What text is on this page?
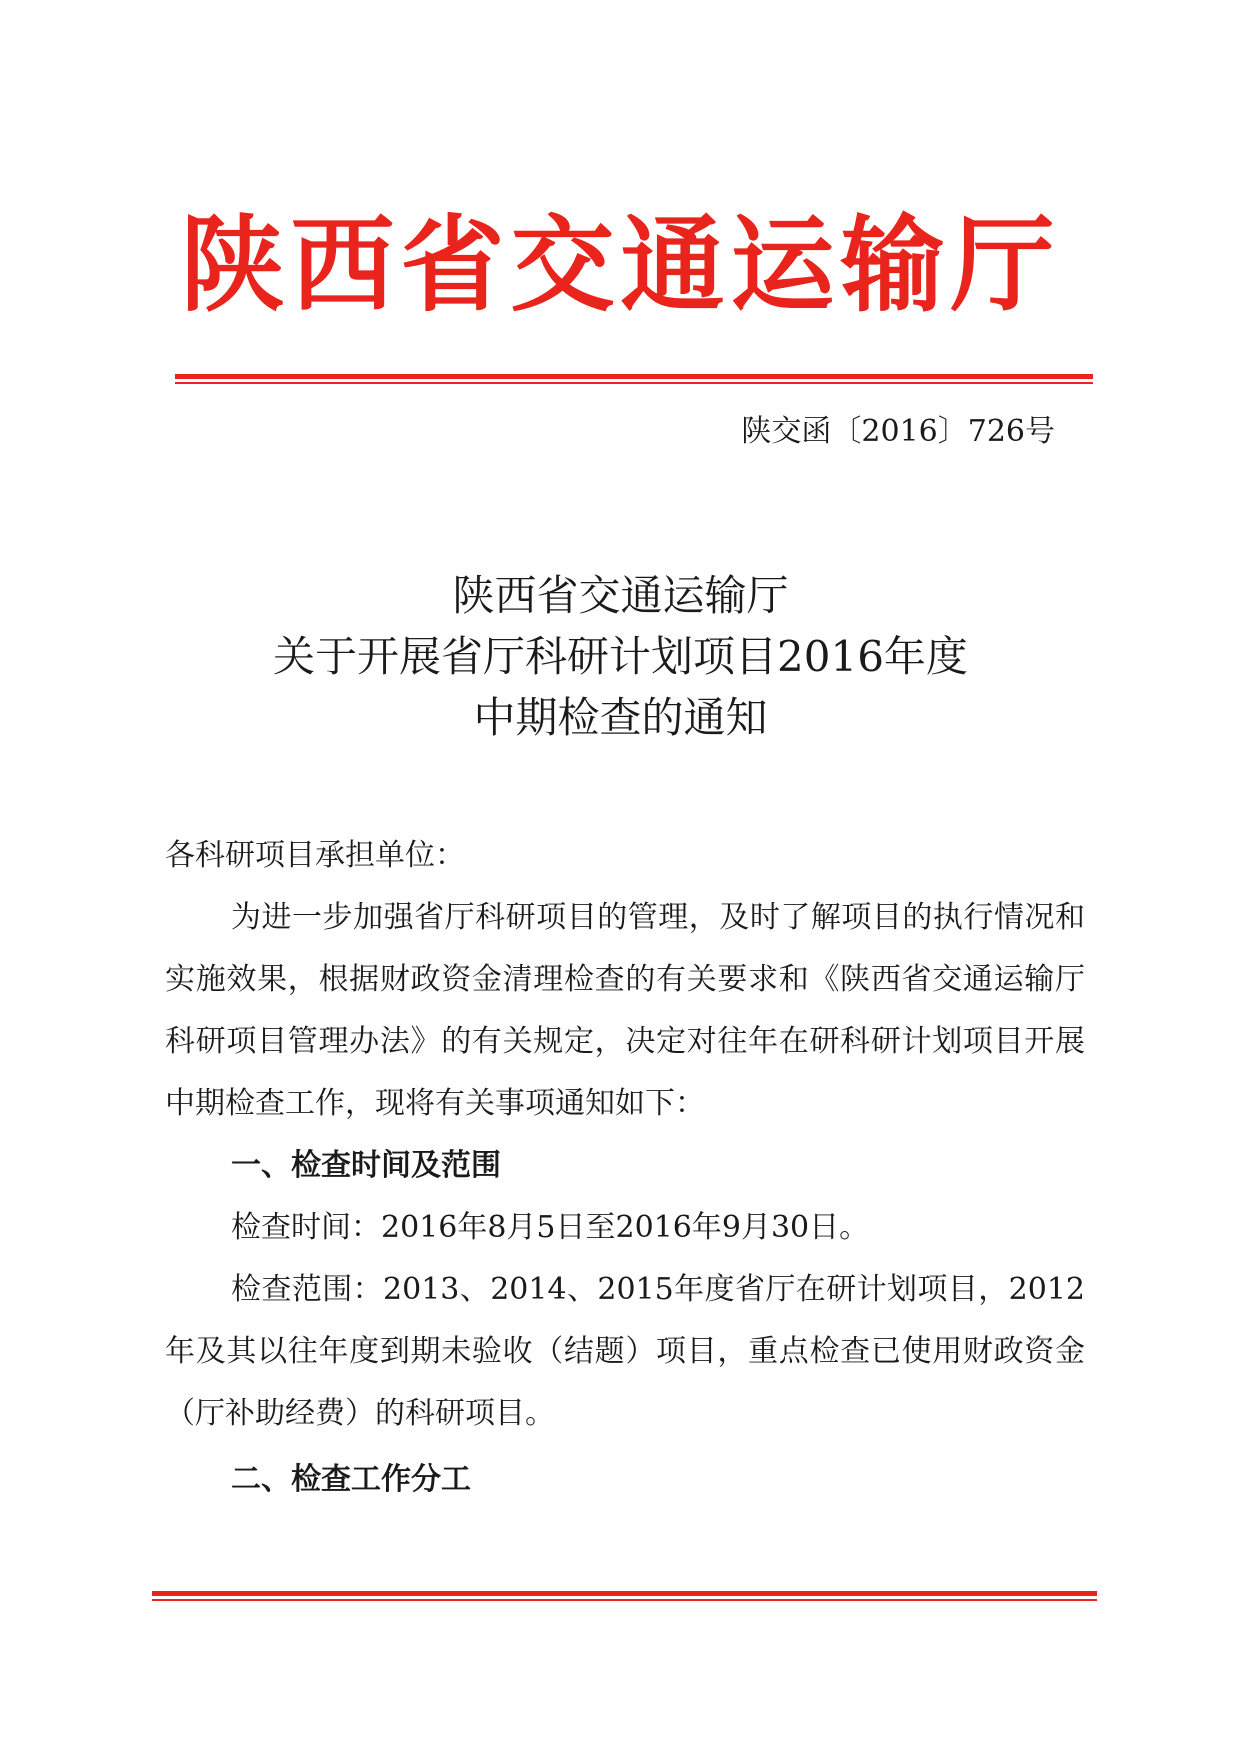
陕西省交通运输厅
陕交函〔2016〕726号
陕西省交通运输厅
关于开展省厅科研计划项目2016年度
中期检查的通知
各科研项目承担单位：

为进一步加强省厅科研项目的管理，及时了解项目的执行情况和实施效果，根据财政资金清理检查的有关要求和《陕西省交通运输厅科研项目管理办法》的有关规定，决定对往年在研科研计划项目开展中期检查工作，现将有关事项通知如下：

一、检查时间及范围

检查时间：2016年8月5日至2016年9月30日。

检查范围：2013、2014、2015年度省厅在研计划项目，2012年及其以往年度到期未验收（结题）项目，重点检查已使用财政资金（厅补助经费）的科研项目。

二、检查工作分工
